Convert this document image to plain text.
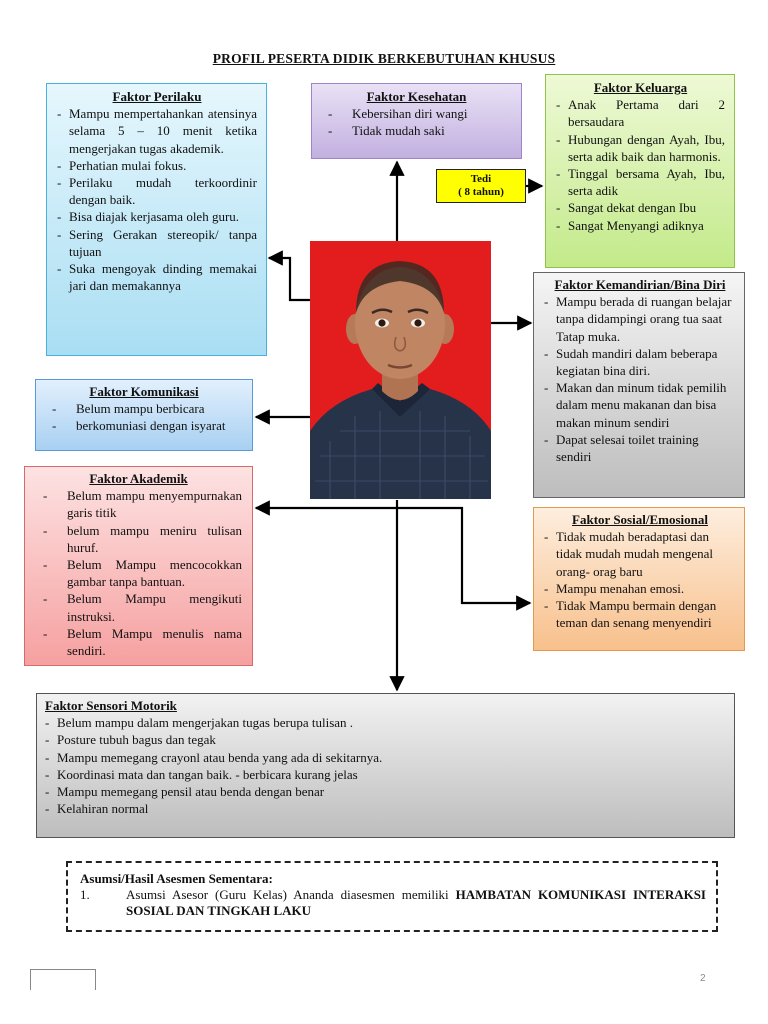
PROFIL PESERTA DIDIK BERKEBUTUHAN KHUSUS
Faktor Perilaku
- Mampu mempertahankan atensinya selama 5 – 10 menit ketika mengerjakan tugas akademik.
- Perhatian mulai fokus.
- Perilaku mudah terkoordinir dengan baik.
- Bisa diajak kerjasama oleh guru.
- Sering Gerakan stereopik/ tanpa tujuan
- Suka mengoyak dinding memakai jari dan memakannya
Faktor Kesehatan
- Kebersihan diri wangi
- Tidak mudah saki
Faktor Keluarga
- Anak Pertama dari 2 bersaudara
- Hubungan dengan Ayah, Ibu, serta adik baik dan harmonis.
- Tinggal bersama Ayah, Ibu, serta adik
- Sangat dekat dengan Ibu
- Sangat Menyangi adiknya
Tedi
( 8 tahun)
Faktor Kemandirian/Bina Diri
- Mampu berada di ruangan belajar tanpa didampingi orang tua saat Tatap muka.
- Sudah mandiri dalam beberapa kegiatan bina diri.
- Makan dan minum tidak pemilih dalam menu makanan dan bisa makan minum sendiri
- Dapat selesai toilet training sendiri
Faktor Komunikasi
- Belum mampu berbicara
- berkomuniasi dengan isyarat
Faktor Akademik
- Belum mampu menyempurnakan garis titik
- belum mampu meniru tulisan huruf.
- Belum Mampu mencocokkan gambar tanpa bantuan.
- Belum Mampu mengikuti instruksi.
- Belum Mampu menulis nama sendiri.
Faktor Sosial/Emosional
- Tidak mudah beradaptasi dan tidak mudah mudah mengenal orang- orag baru
- Mampu menahan emosi.
- Tidak Mampu bermain dengan teman dan senang menyendiri
Faktor Sensori Motorik
- Belum mampu dalam mengerjakan tugas berupa tulisan .
- Posture tubuh bagus dan tegak
- Mampu memegang crayonl atau benda yang ada di sekitarnya.
- Koordinasi mata dan tangan baik. - berbicara kurang jelas
- Mampu memegang pensil atau benda dengan benar
- Kelahiran normal
Asumsi/Hasil Asesmen Sementara:
1.	Asumsi Asesor (Guru Kelas) Ananda diasesmen memiliki HAMBATAN KOMUNIKASI INTERAKSI SOSIAL DAN TINGKAH LAKU
2
